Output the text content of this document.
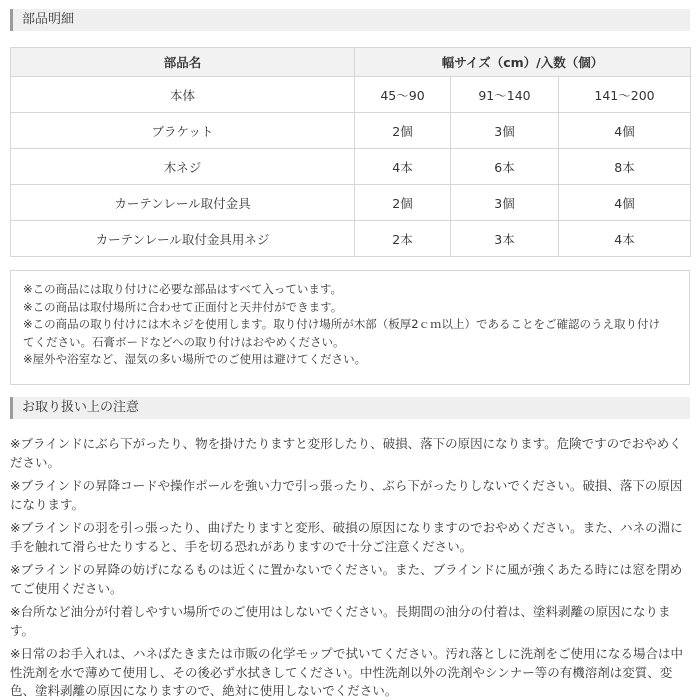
部品明細
部品名	幅サイズ（cm）/入数（個）		
本体	45〜90	91〜140	141〜200
ブラケット	2個	3個	4個
木ネジ	4本	6本	8本
カーテンレール取付金具	2個	3個	4個
カーテンレール取付金具用ネジ	2本	3本	4本
※この商品には取り付けに必要な部品はすべて入っています。
※この商品は取付場所に合わせて正面付と天井付ができます。
※この商品の取り付けには木ネジを使用します。取り付け場所が木部（板厚2ｃｍ以上）であることをご確認のうえ取り付け
てください。石膏ボードなどへの取り付けはおやめください。
※屋外や浴室など、湿気の多い場所でのご使用は避けてください。
お取り扱い上の注意

※ブラインドにぶら下がったり、物を掛けたりますと変形したり、破損、落下の原因になります。危険ですのでおやめください。

※ブラインドの昇降コードや操作ポールを強い力で引っ張ったり、ぶら下がったりしないでください。破損、落下の原因になります。

※ブラインドの羽を引っ張ったり、曲げたりますと変形、破損の原因になりますのでおやめください。また、ハネの淵に手を触れて滑らせたりすると、手を切る恐れがありますので十分ご注意ください。

※ブラインドの昇降の妨げになるものは近くに置かないでください。また、ブラインドに風が強くあたる時には窓を閉めてご使用ください。

※台所など油分が付着しやすい場所でのご使用はしないでください。長期間の油分の付着は、塗料剥離の原因になります。

※日常のお手入れは、ハネばたきまたは市販の化学モップで拭いてください。汚れ落としに洗剤をご使用になる場合は中性洗剤を水で薄めて使用し、その後必ず水拭きしてください。中性洗剤以外の洗剤やシンナー等の有機溶剤は変質、変色、塗料剥離の原因になりますので、絶対に使用しないでください。
